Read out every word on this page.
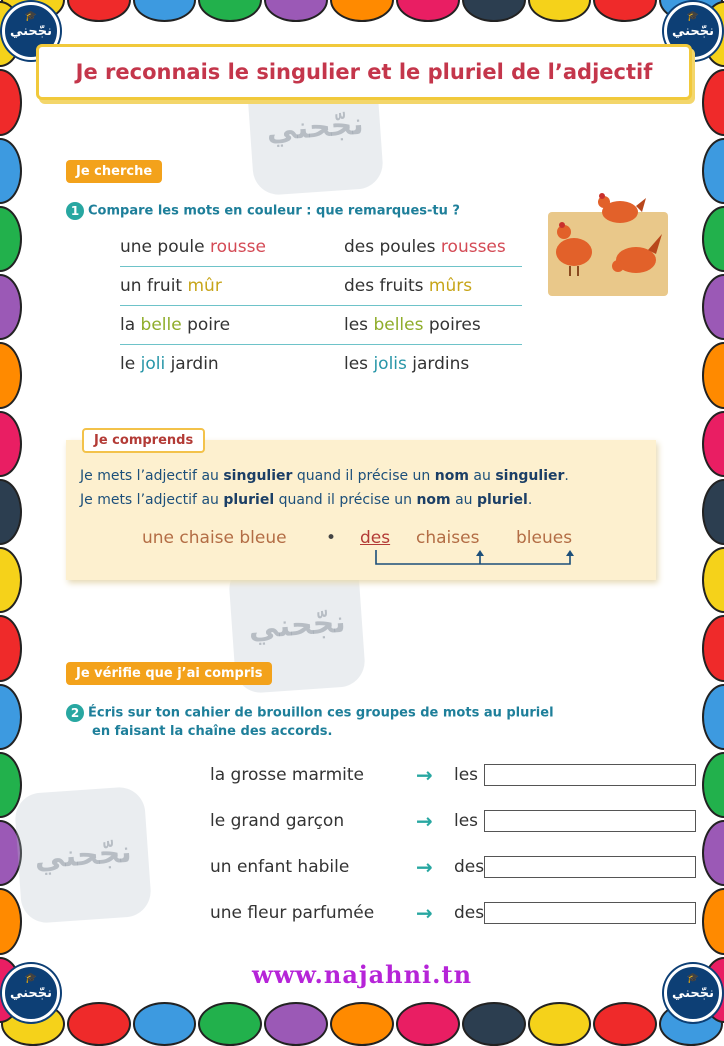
🎓
نجّحني
🎓
نجّحني
🎓
نجّحني
🎓
نجّحني
نجّحني
نجّحني
نجّحني
Je reconnais le singulier et le pluriel de l’adjectif
Je cherche
1 Compare les mots en couleur : que remarques-tu ?
une poule rousse	des poules rousses
un fruit mûr	des fruits mûrs
la belle poire	les belles poires
le joli jardin	les jolis jardins
Je comprends
Je mets l’adjectif au singulier quand il précise un nom au singulier.
Je mets l’adjectif au pluriel quand il précise un nom au pluriel.
une chaise bleue • des chaises bleues
Je vérifie que j’ai compris
2 Écris sur ton cahier de brouillon ces groupes de mots au pluriel
en faisant la chaîne des accords.
la grosse marmite	→	les
le grand garçon	→	les
un enfant habile	→	des
une fleur parfumée	→	des
www.najahni.tn
